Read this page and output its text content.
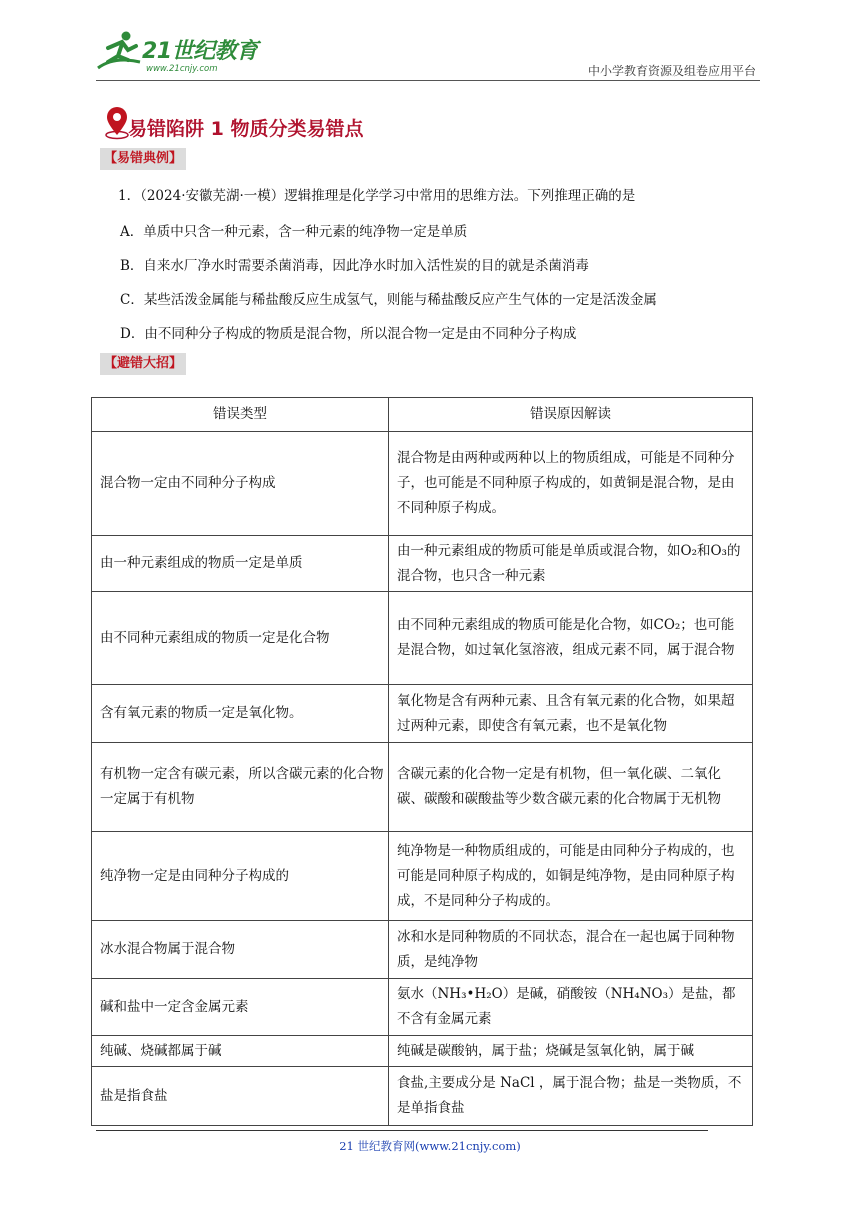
21世纪教育
www.21cnjy.com	中小学教育资源及组卷应用平台
易错陷阱 1 物质分类易错点
【易错典例】
1．（2024·安徽芜湖·一模）逻辑推理是化学学习中常用的思维方法。下列推理正确的是
A．单质中只含一种元素，含一种元素的纯净物一定是单质
B．自来水厂净水时需要杀菌消毒，因此净水时加入活性炭的目的就是杀菌消毒
C．某些活泼金属能与稀盐酸反应生成氢气，则能与稀盐酸反应产生气体的一定是活泼金属
D．由不同种分子构成的物质是混合物，所以混合物一定是由不同种分子构成
【避错大招】
错误类型	错误原因解读
混合物一定由不同种分子构成	混合物是由两种或两种以上的物质组成，可能是不同种分子，也可能是不同种原子构成的，如黄铜是混合物，是由不同种原子构成。
由一种元素组成的物质一定是单质	由一种元素组成的物质可能是单质或混合物，如O₂和O₃的混合物，也只含一种元素
由不同种元素组成的物质一定是化合物	由不同种元素组成的物质可能是化合物，如CO₂；也可能是混合物，如过氧化氢溶液，组成元素不同，属于混合物
含有氧元素的物质一定是氧化物。	氧化物是含有两种元素、且含有氧元素的化合物，如果超过两种元素，即使含有氧元素，也不是氧化物
有机物一定含有碳元素，所以含碳元素的化合物一定属于有机物	含碳元素的化合物一定是有机物，但一氧化碳、二氧化碳、碳酸和碳酸盐等少数含碳元素的化合物属于无机物
纯净物一定是由同种分子构成的	纯净物是一种物质组成的，可能是由同种分子构成的，也可能是同种原子构成的，如铜是纯净物，是由同种原子构成，不是同种分子构成的。
冰水混合物属于混合物	冰和水是同种物质的不同状态，混合在一起也属于同种物质，是纯净物
碱和盐中一定含金属元素	氨水（NH₃•H₂O）是碱，硝酸铵（NH₄NO₃）是盐，都不含有金属元素
纯碱、烧碱都属于碱	纯碱是碳酸钠，属于盐；烧碱是氢氧化钠，属于碱
盐是指食盐	食盐,主要成分是 NaCl ，属于混合物；盐是一类物质，不是单指食盐
21 世纪教育网(www.21cnjy.com)
